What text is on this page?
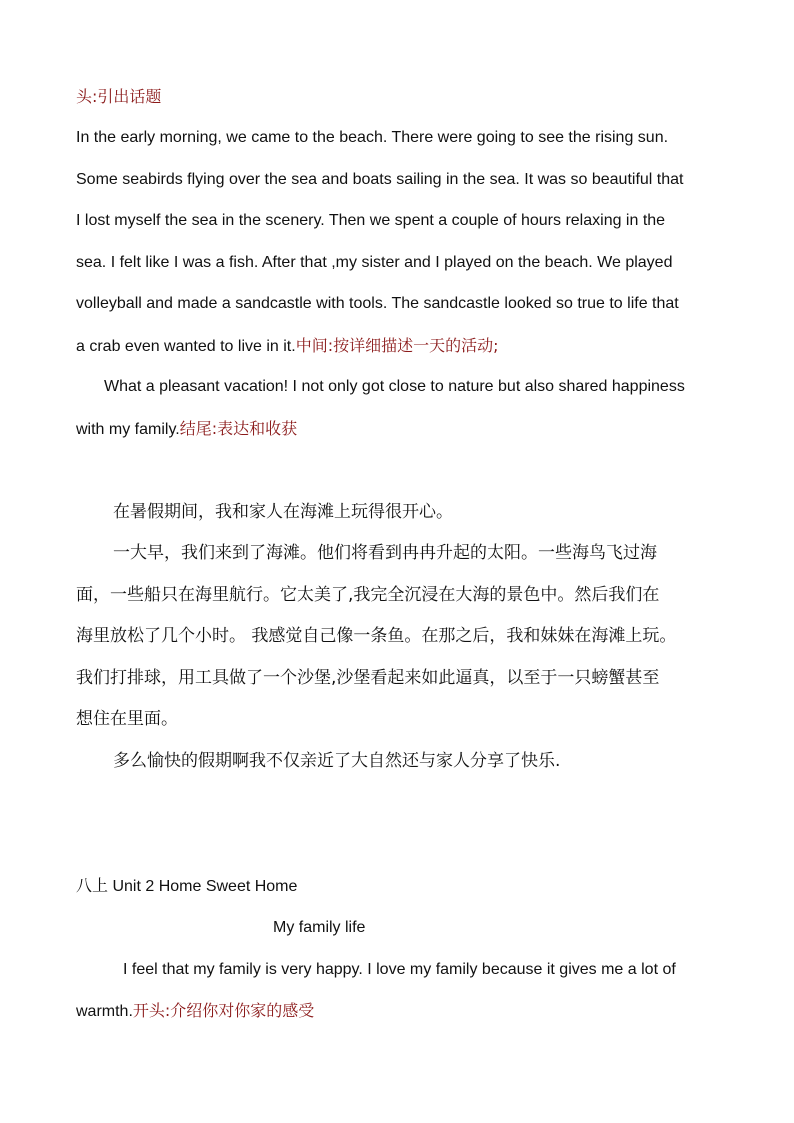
头:引出话题
In the early morning, we came to the beach. There were going to see the rising sun.
Some seabirds flying over the sea and boats sailing in the sea. It was so beautiful that
I lost myself the sea in the scenery. Then we spent a couple of hours relaxing in the
sea. I felt like I was a fish. After that ,my sister and I played on the beach. We played
volleyball and made a sandcastle with tools. The sandcastle looked so true to life that
a crab even wanted to live in it.中间:按详细描述一天的活动;
What a pleasant vacation! I not only got close to nature but also shared happiness
with my family.结尾:表达和收获
在暑假期间，我和家人在海滩上玩得很开心。
一大早，我们来到了海滩。他们将看到冉冉升起的太阳。一些海鸟飞过海
面，一些船只在海里航行。它太美了,我完全沉浸在大海的景色中。然后我们在
海里放松了几个小时。 我感觉自己像一条鱼。在那之后，我和妹妹在海滩上玩。
我们打排球，用工具做了一个沙堡,沙堡看起来如此逼真，以至于一只螃蟹甚至
想住在里面。
多么愉快的假期啊我不仅亲近了大自然还与家人分享了快乐.
八上 Unit 2 Home Sweet Home
My family life
I feel that my family is very happy. I love my family because it gives me a lot of
warmth.开头:介绍你对你家的感受
